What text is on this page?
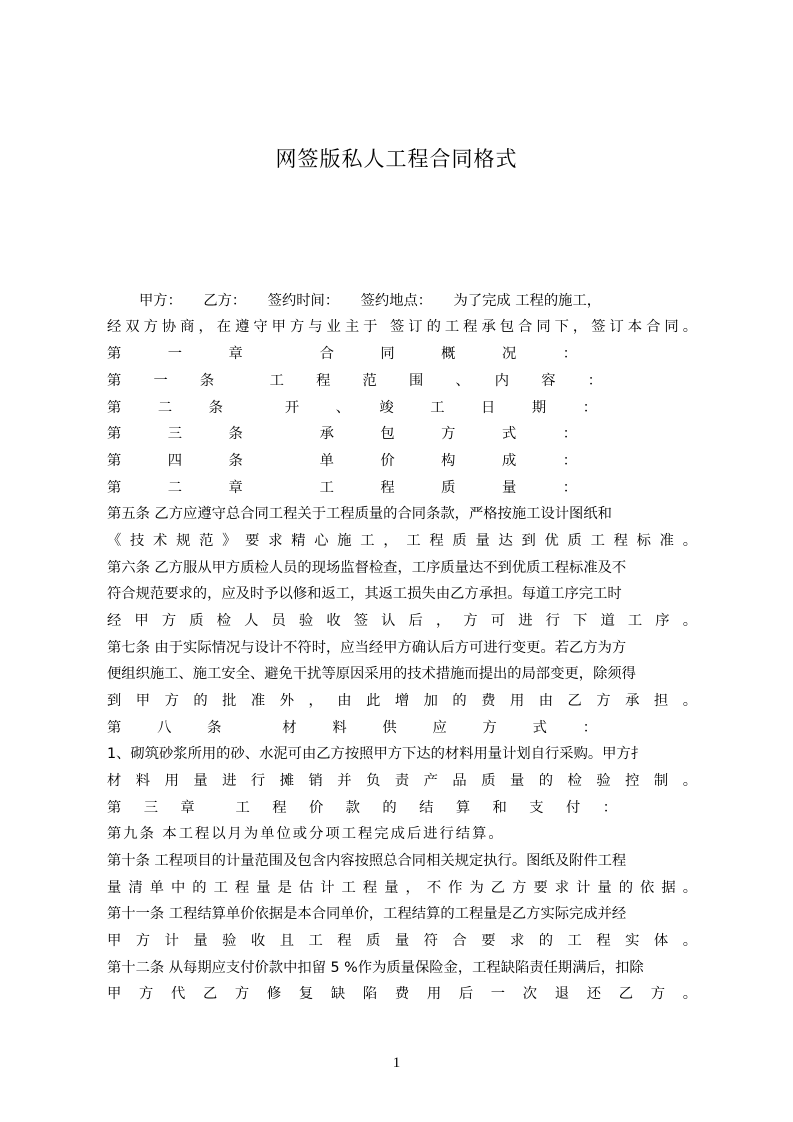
网签版私人工程合同格式
甲方：　　乙方：　　签约时间：　　签约地点：　　为了完成 工程的施工，
经双方协商，在遵守甲方与业主于 签订的工程承包合同下，签订本合同。
第　一　章　　合　同　概　况　：
第　一　条　　工　程　范　围　、　内　容　：
第　二　条　　开　、　竣　工　日　期　：
第　三　条　　承　包　方　式　：
第　四　条　　单　价　构　成　：
第　二　章　　工　程　质　量　：
第五条 乙方应遵守总合同工程关于工程质量的合同条款，严格按施工设计图纸和
《技术规范》要求精心施工，工程质量达到优质工程标准。
第六条 乙方服从甲方质检人员的现场监督检查，工序质量达不到优质工程标准及不
符合规范要求的，应及时予以修和返工，其返工损失由乙方承担。每道工序完工时
经甲方质检人员验收签认后，方可进行下道工序。
第七条 由于实际情况与设计不符时，应当经甲方确认后方可进行变更。若乙方为方
便组织施工、施工安全、避免干扰等原因采用的技术措施而提出的局部变更，除须得
到甲方的批准外，由此增加的费用由乙方承担。
第　八　条　　材　料　供　应　方　式　：
1、砌筑砂浆所用的砂、水泥可由乙方按照甲方下达的材料用量计划自行采购。甲方扌
材料用量进行摊销并负责产品质量的检验控制。
第　三　章　　工　程　价　款　的　结　算　和　支　付　：
第九条 本工程以月为单位或分项工程完成后进行结算。
第十条 工程项目的计量范围及包含内容按照总合同相关规定执行。图纸及附件工程
量清单中的工程量是估计工程量，不作为乙方要求计量的依据。
第十一条 工程结算单价依据是本合同单价，工程结算的工程量是乙方实际完成并经
甲方计量验收且工程质量符合要求的工程实体。
第十二条 从每期应支付价款中扣留 5 %作为质量保险金，工程缺陷责任期满后，扣除
甲方代乙方修复缺陷费用后一次退还乙方。
1
